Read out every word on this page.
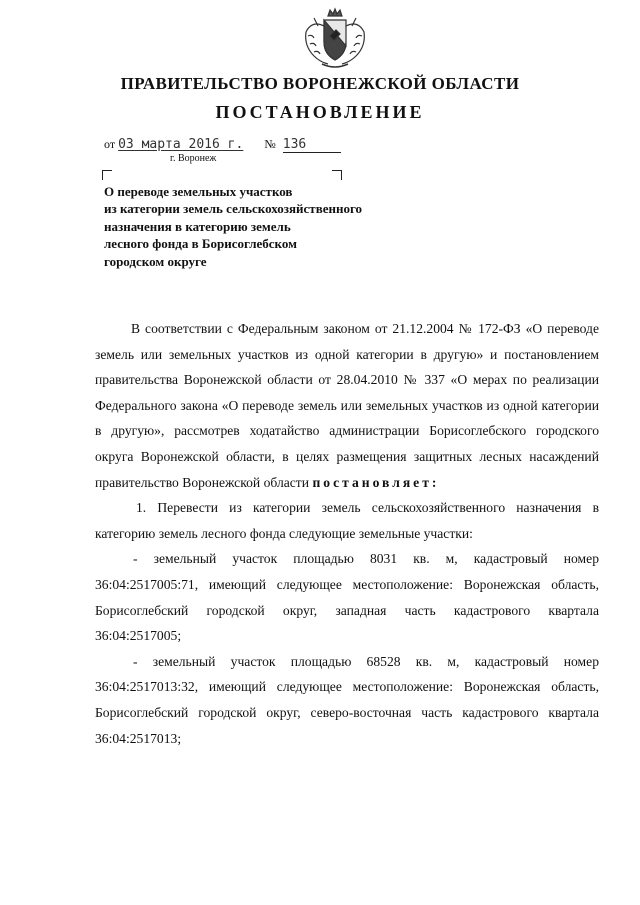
ПРАВИТЕЛЬСТВО ВОРОНЕЖСКОЙ ОБЛАСТИ
ПОСТАНОВЛЕНИЕ
от 03 марта 2016 г. № 136
г. Воронеж
О переводе земельных участков
из категории земель сельскохозяйственного
назначения в категорию земель
лесного фонда в Борисоглебском
городском округе

В соответствии с Федеральным законом от 21.12.2004 № 172-ФЗ «О переводе земель или земельных участков из одной категории в другую» и постановлением правительства Воронежской области от 28.04.2010 № 337 «О мерах по реализации Федерального закона «О переводе земель или земельных участков из одной категории в другую», рассмотрев ходатайство администрации Борисоглебского городского округа Воронежской области, в целях размещения защитных лесных насаждений правительство Воронежской области постановляет:

1. Перевести из категории земель сельскохозяйственного назначения в категорию земель лесного фонда следующие земельные участки:

- земельный участок площадью 8031 кв. м, кадастровый номер 36:04:2517005:71, имеющий следующее местоположение: Воронежская область, Борисоглебский городской округ, западная часть кадастрового квартала 36:04:2517005;

- земельный участок площадью 68528 кв. м, кадастровый номер 36:04:2517013:32, имеющий следующее местоположение: Воронежская область, Борисоглебский городской округ, северо-восточная часть кадастрового квартала 36:04:2517013;
